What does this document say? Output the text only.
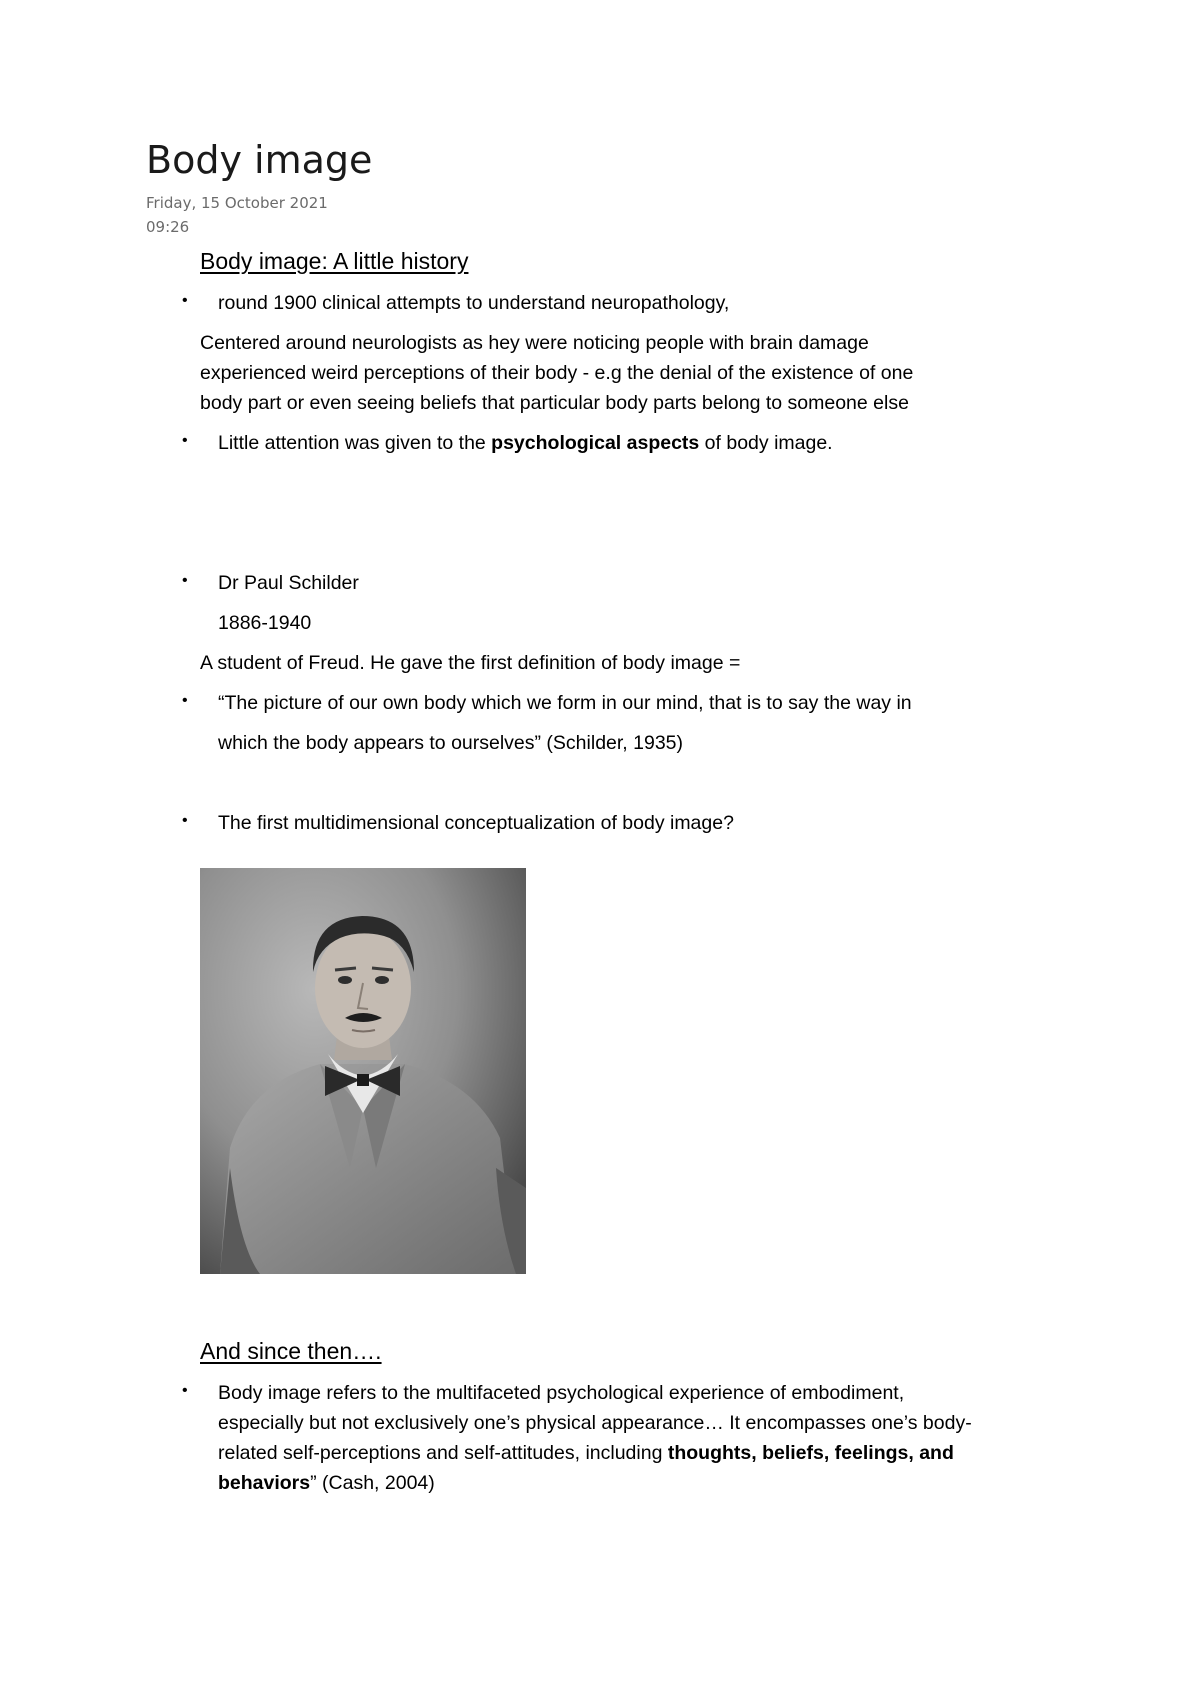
Body image
Friday, 15 October 2021
09:26
Body image: A little history
• round 1900 clinical attempts to understand neuropathology,
Centered around neurologists as hey were noticing people with brain damage
experienced weird perceptions of their body - e.g the denial of the existence of one
body part or even seeing beliefs that particular body parts belong to someone else
• Little attention was given to the psychological aspects of body image.
• Dr Paul Schilder
1886-1940
A student of Freud. He gave the first definition of body image =
• “The picture of our own body which we form in our mind, that is to say the way in
which the body appears to ourselves” (Schilder, 1935)
• The first multidimensional conceptualization of body image?
And since then….
• Body image refers to the multifaceted psychological experience of embodiment,
especially but not exclusively one’s physical appearance… It encompasses one’s body-
related self-perceptions and self-attitudes, including thoughts, beliefs, feelings, and
behaviors” (Cash, 2004)
